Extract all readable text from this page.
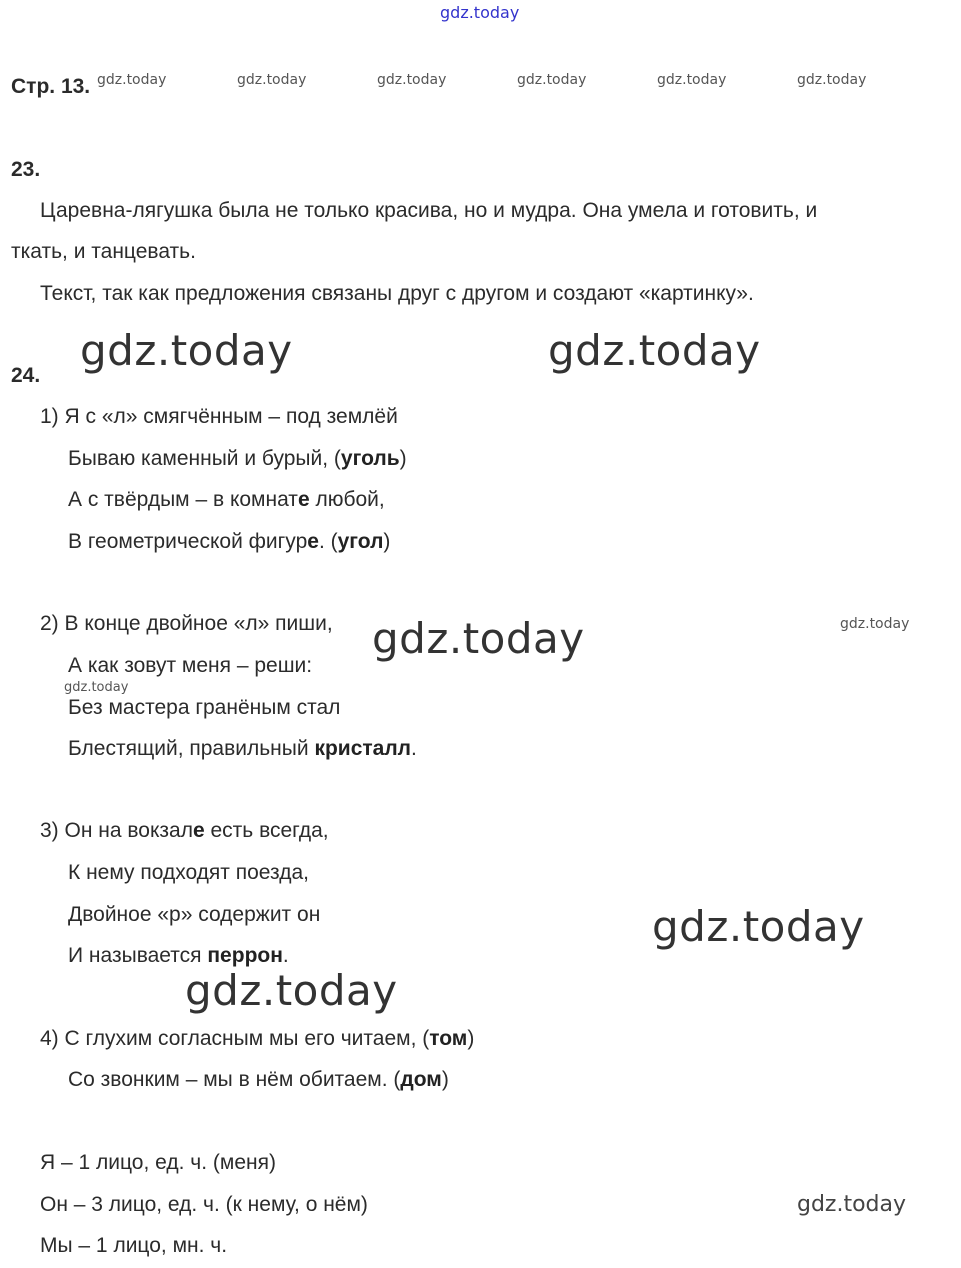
gdz.today
gdz.today	gdz.today	gdz.today	gdz.today	gdz.today	gdz.today
gdz.today	gdz.today
gdz.today
gdz.today
gdz.today
gdz.today
gdz.today
gdz.today
Стр. 13.
23.
24.
Царевна-лягушка была не только красива, но и мудра. Она умела и готовить, и
ткать, и танцевать.
Текст, так как предложения связаны друг с другом и создают «картинку».
1) Я с «л» смягчённым – под землёй
Бываю каменный и бурый, (уголь)
А с твёрдым – в комнате любой,
В геометрической фигуре. (угол)
2) В конце двойное «л» пиши,
А как зовут меня – реши:
Без мастера гранёным стал
Блестящий, правильный кристалл.
3) Он на вокзале есть всегда,
К нему подходят поезда,
Двойное «р» содержит он
И называется перрон.
4) С глухим согласным мы его читаем, (том)
Со звонким – мы в нём обитаем. (дом)
Я – 1 лицо, ед. ч. (меня)
Он – 3 лицо, ед. ч. (к нему, о нём)
Мы – 1 лицо, мн. ч.
